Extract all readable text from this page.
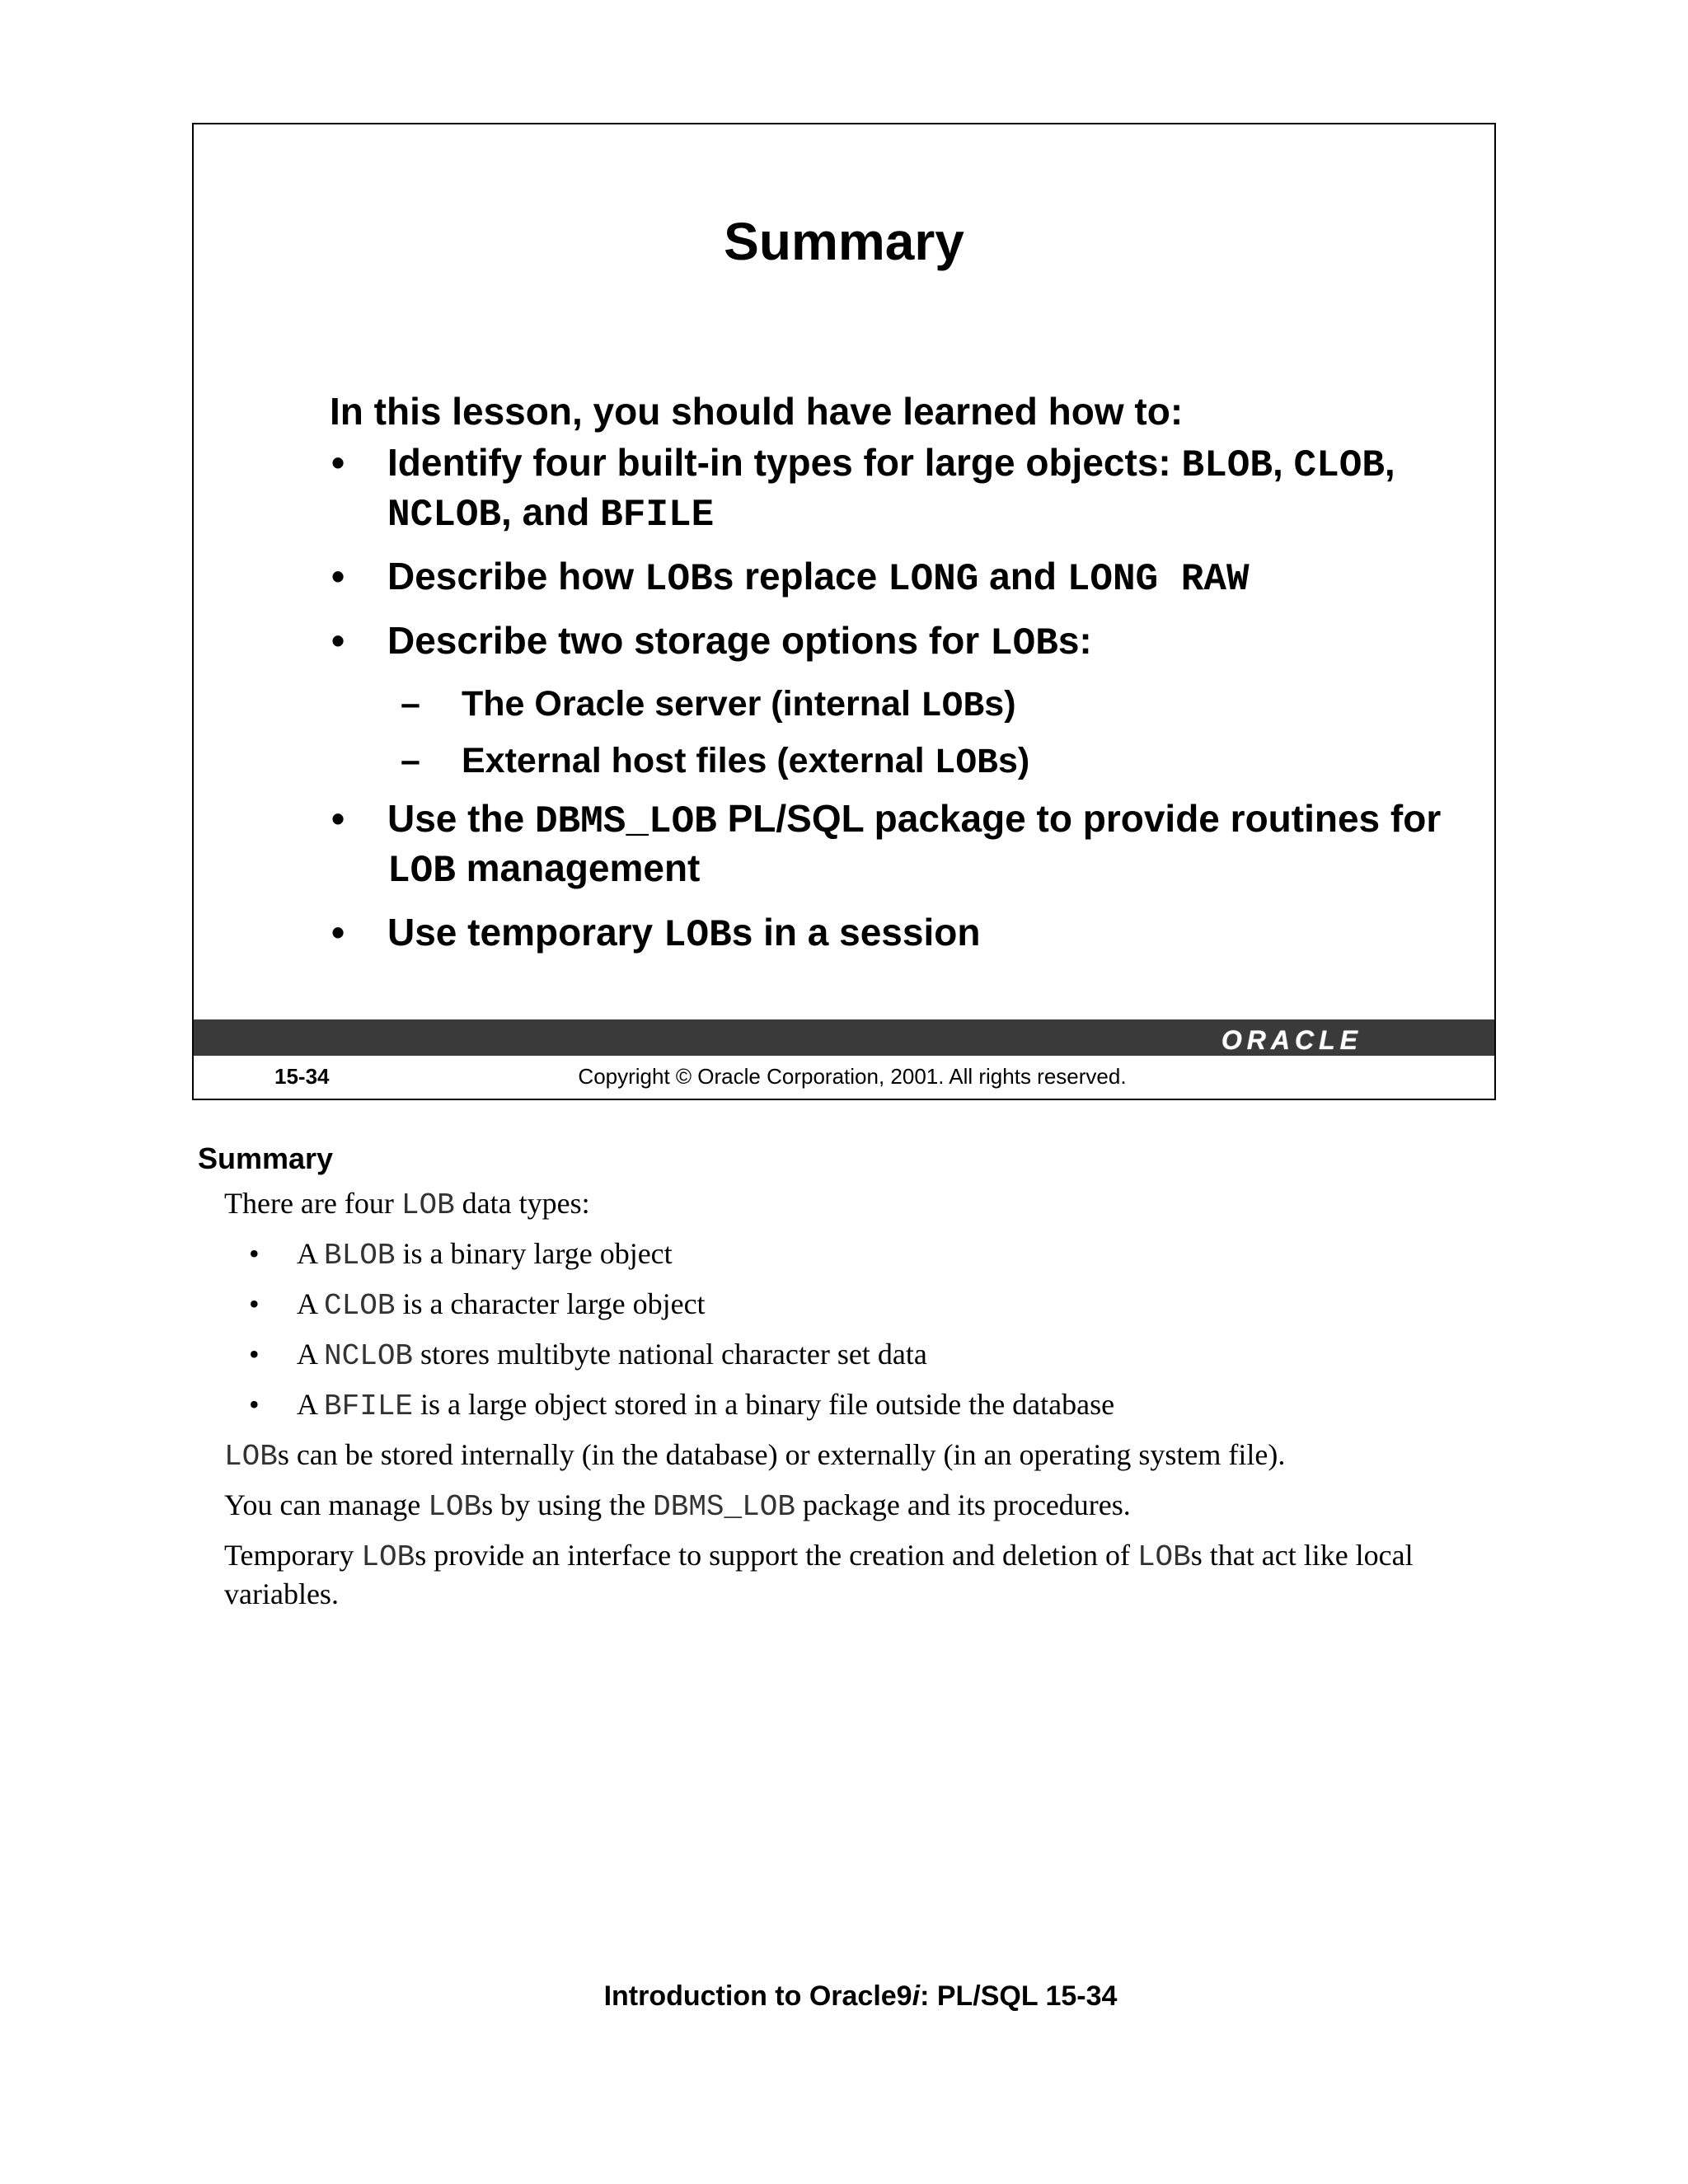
Summary
In this lesson, you should have learned how to:
• Identify four built-in types for large objects: BLOB, CLOB, NCLOB, and BFILE
• Describe how LOBs replace LONG and LONG RAW
• Describe two storage options for LOBs:
– The Oracle server (internal LOBs)
– External host files (external LOBs)
• Use the DBMS_LOB PL/SQL package to provide routines for LOB management
• Use temporary LOBs in a session
ORACLE
15-34	Copyright © Oracle Corporation, 2001. All rights reserved.
Summary

There are four LOB data types:

• A BLOB is a binary large object
• A CLOB is a character large object
• A NCLOB stores multibyte national character set data
• A BFILE is a large object stored in a binary file outside the database

LOBs can be stored internally (in the database) or externally (in an operating system file).

You can manage LOBs by using the DBMS_LOB package and its procedures.

Temporary LOBs provide an interface to support the creation and deletion of LOBs that act like local variables.

Introduction to Oracle9i: PL/SQL 15-34
